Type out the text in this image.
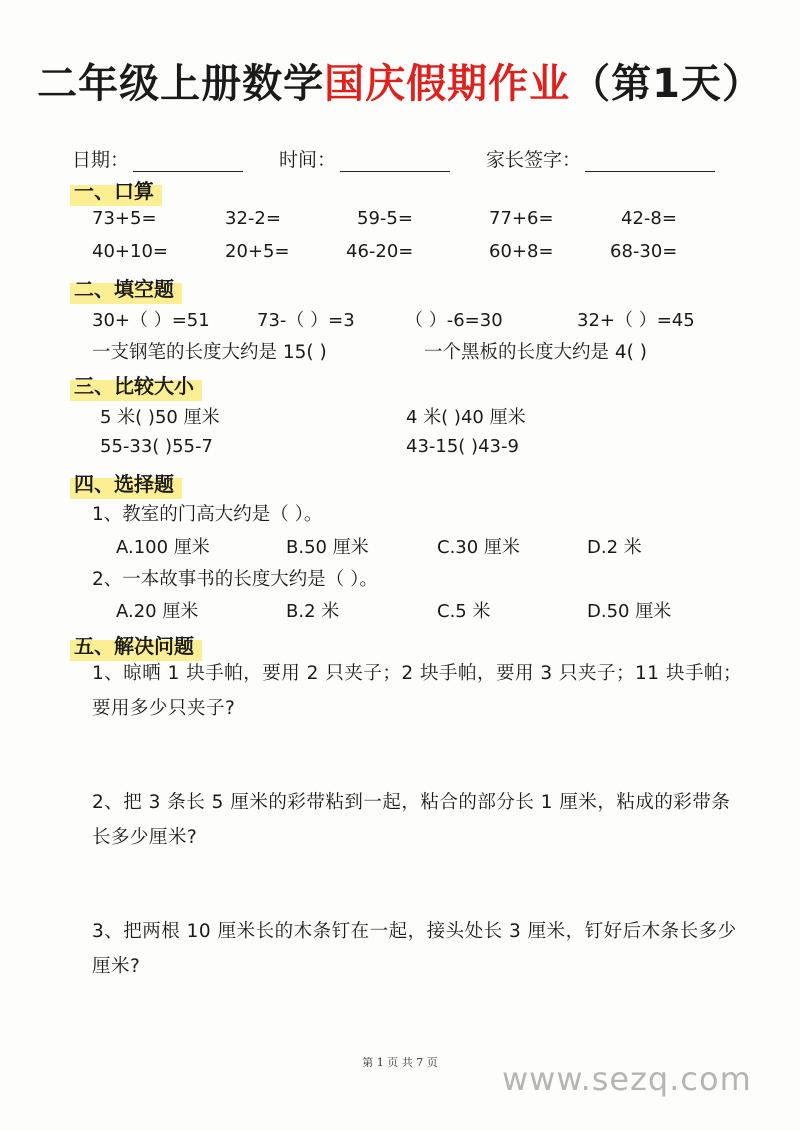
二年级上册数学国庆假期作业（第1天）
日期：	时间：	家长签字：
一、口算
73+5=	32-2=	59-5=	77+6=	42-8=
40+10=	20+5=	46-20=	60+8=	68-30=
二、填空题
30+（ ）=51	73-（ ）=3	（ ）-6=30	32+（ ）=45
一支钢笔的长度大约是 15( )	一个黑板的长度大约是 4( )
三、比较大小
5 米( )50 厘米	4 米( )40 厘米
55-33( )55-7	43-15( )43-9
四、选择题
1、教室的门高大约是（ ）。
A.100 厘米	B.50 厘米	C.30 厘米	D.2 米
2、一本故事书的长度大约是（ ）。
A.20 厘米	B.2 米	C.5 米	D.50 厘米
五、解决问题
1、晾晒 1 块手帕，要用 2 只夹子；2 块手帕，要用 3 只夹子；11 块手帕；要用多少只夹子?
2、把 3 条长 5 厘米的彩带粘到一起，粘合的部分长 1 厘米，粘成的彩带条长多少厘米?
3、把两根 10 厘米长的木条钉在一起，接头处长 3 厘米，钉好后木条长多少厘米?
第 1 页 共 7 页	www.sezq.com
